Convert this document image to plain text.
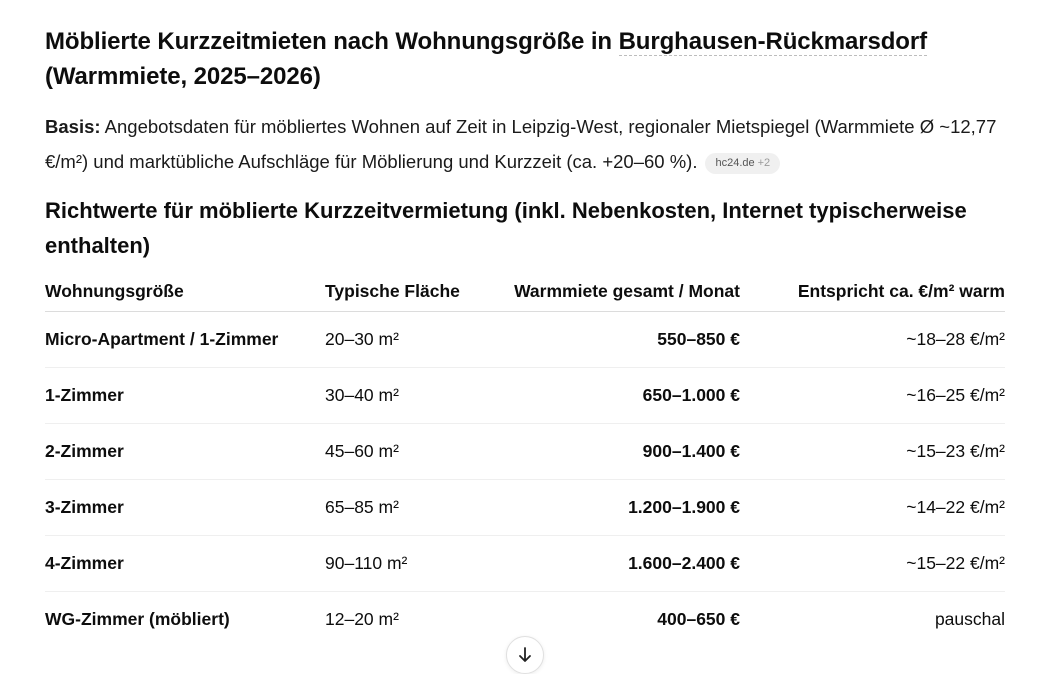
Möblierte Kurzzeitmieten nach Wohnungsgröße in Burghausen-Rückmarsdorf
(Warmmiete, 2025–2026)

Basis: Angebotsdaten für möbliertes Wohnen auf Zeit in Leipzig-West, regionaler Mietspiegel (Warmmiete Ø ~12,77 €/m²) und marktübliche Aufschläge für Möblierung und Kurzzeit (ca. +20–60 %). hc24.de +2

Richtwerte für möblierte Kurzzeitvermietung (inkl. Nebenkosten, Internet typischerweise enthalten)
Wohnungsgröße	Typische Fläche	Warmmiete gesamt / Monat	Entspricht ca. €/m² warm
Micro-Apartment / 1-Zimmer	20–30 m²	550–850 €	~18–28 €/m²
1-Zimmer	30–40 m²	650–1.000 €	~16–25 €/m²
2-Zimmer	45–60 m²	900–1.400 €	~15–23 €/m²
3-Zimmer	65–85 m²	1.200–1.900 €	~14–22 €/m²
4-Zimmer	90–110 m²	1.600–2.400 €	~15–22 €/m²
WG-Zimmer (möbliert)	12–20 m²	400–650 €	pauschal
